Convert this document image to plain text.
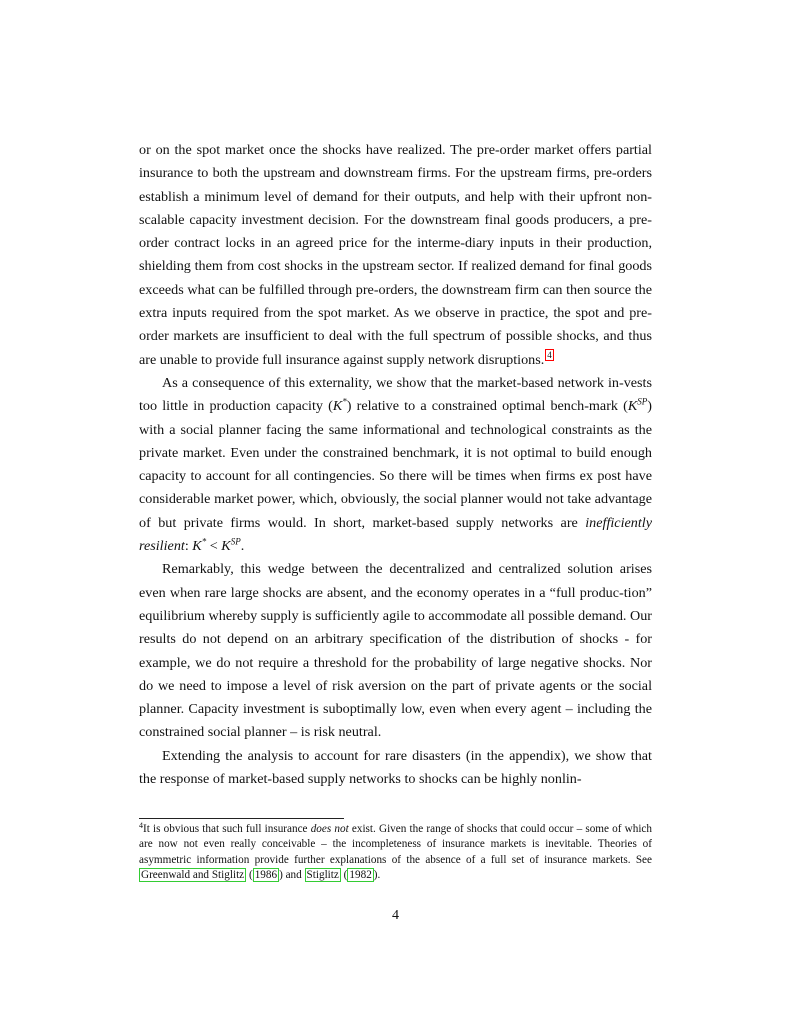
or on the spot market once the shocks have realized. The pre-order market offers partial insurance to both the upstream and downstream firms. For the upstream firms, pre-orders establish a minimum level of demand for their outputs, and help with their upfront non-scalable capacity investment decision. For the downstream final goods producers, a pre-order contract locks in an agreed price for the interme-diary inputs in their production, shielding them from cost shocks in the upstream sector. If realized demand for final goods exceeds what can be fulfilled through pre-orders, the downstream firm can then source the extra inputs required from the spot market. As we observe in practice, the spot and pre-order markets are insufficient to deal with the full spectrum of possible shocks, and thus are unable to provide full insurance against supply network disruptions. 4

As a consequence of this externality, we show that the market-based network in-vests too little in production capacity (K*) relative to a constrained optimal bench-mark $(K^{SP})$ with a social planner facing the same informational and technological constraints as the private market. Even under the constrained benchmark, it is not optimal to build enough capacity to account for all contingencies. So there will be times when firms ex post have considerable market power, which, obviously, the social planner would not take advantage of but private firms would. In short, market-based supply networks are inefficiently resilient: $K^* < K^{SP}$.

Remarkably, this wedge between the decentralized and centralized solution arises even when rare large shocks are absent, and the economy operates in a “full produc-tion” equilibrium whereby supply is sufficiently agile to accommodate all possible demand. Our results do not depend on an arbitrary specification of the distribution of shocks - for example, we do not require a threshold for the probability of large negative shocks. Nor do we need to impose a level of risk aversion on the part of private agents or the social planner. Capacity investment is suboptimally low, even when every agent – including the constrained social planner – is risk neutral.

Extending the analysis to account for rare disasters (in the appendix), we show that the response of market-based supply networks to shocks can be highly nonlin-

$^4$It is obvious that such full insurance does not exist. Given the range of shocks that could occur – some of which are now not even really conceivable – the incompleteness of insurance markets is inevitable. Theories of asymmetric information provide further explanations of the absence of a full set of insurance markets. See Greenwald and Stiglitz ( 1986 ) and Stiglitz ( 1982 ).

4
